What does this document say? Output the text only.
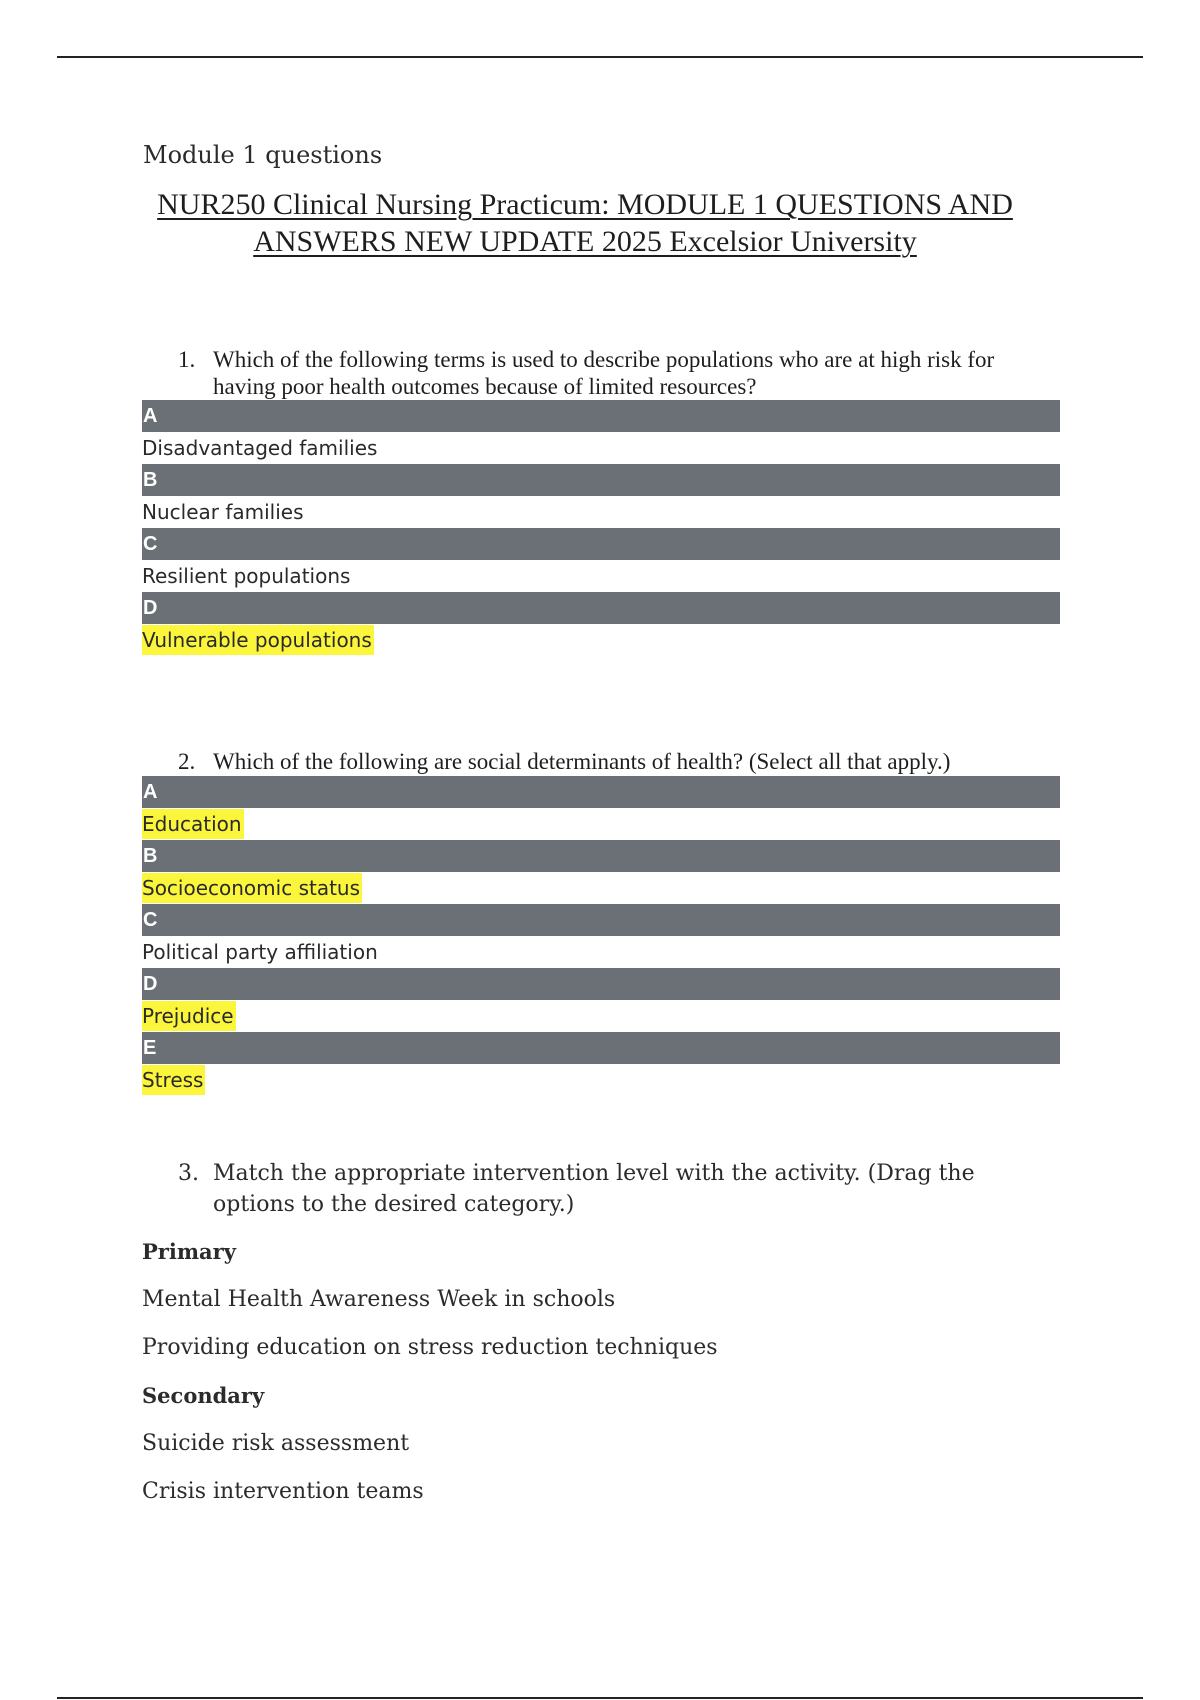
Module 1 questions
NUR250 Clinical Nursing Practicum: MODULE 1 QUESTIONS AND
ANSWERS NEW UPDATE 2025 Excelsior University
1. Which of the following terms is used to describe populations who are at high risk for having poor health outcomes because of limited resources?
A
Disadvantaged families
B
Nuclear families
C
Resilient populations
D
Vulnerable populations
2. Which of the following are social determinants of health? (Select all that apply.)
A
Education
B
Socioeconomic status
C
Political party affiliation
D
Prejudice
E
Stress
3. Match the appropriate intervention level with the activity. (Drag the options to the desired category.)
Primary
Mental Health Awareness Week in schools
Providing education on stress reduction techniques
Secondary
Suicide risk assessment
Crisis intervention teams
